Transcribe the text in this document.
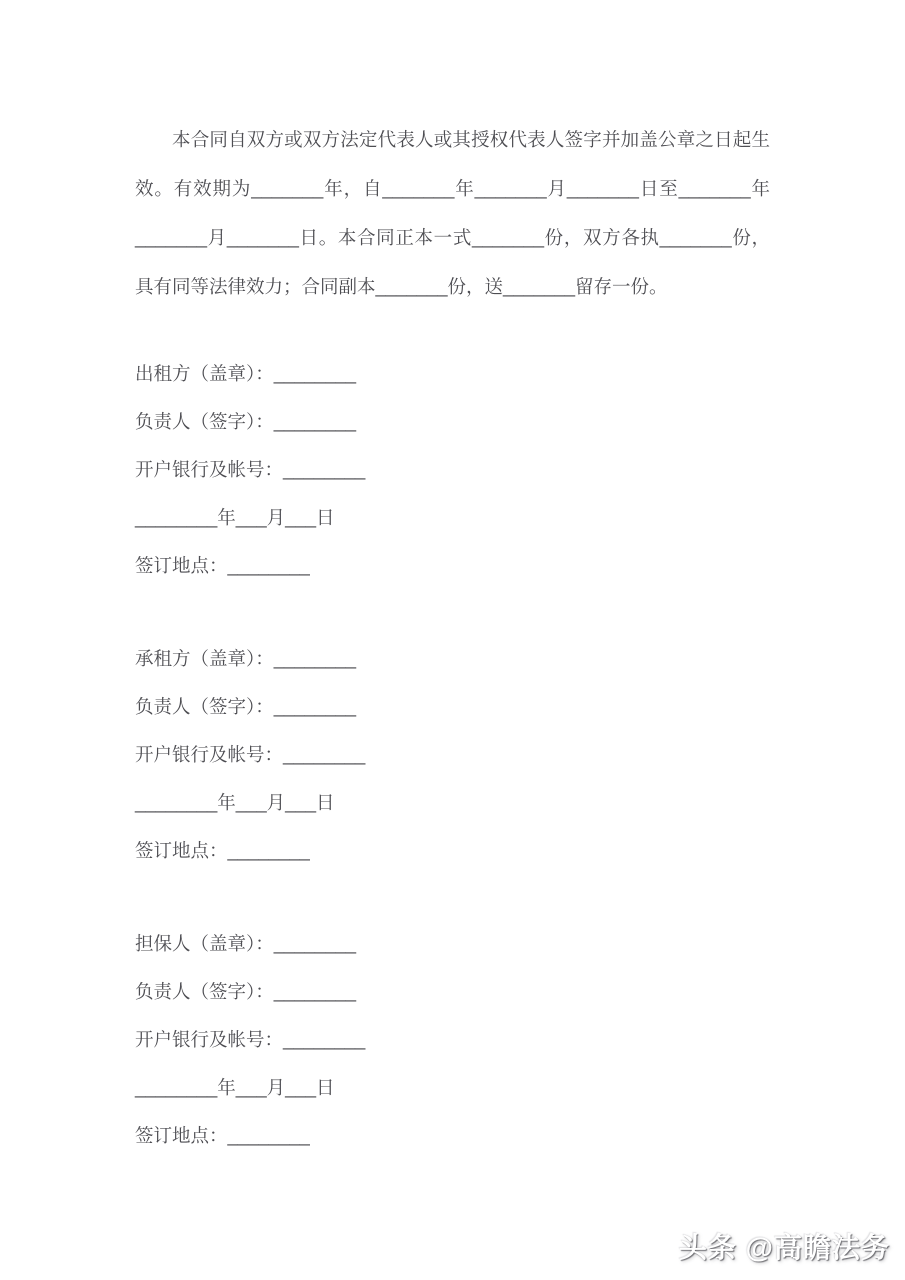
本合同自双方或双方法定代表人或其授权代表人签字并加盖公章之日起生
效。有效期为_______年，自_______年_______月_______日至_______年
_______月_______日。本合同正本一式_______份，双方各执_______份，
具有同等法律效力；合同副本_______份，送_______留存一份。
出租方（盖章）：________
负责人（签字）：________
开户银行及帐号：________
________年___月___日
签订地点：________
承租方（盖章）：________
负责人（签字）：________
开户银行及帐号：________
________年___月___日
签订地点：________
担保人（盖章）：________
负责人（签字）：________
开户银行及帐号：________
________年___月___日
签订地点：________
头条 @高瞻法务
